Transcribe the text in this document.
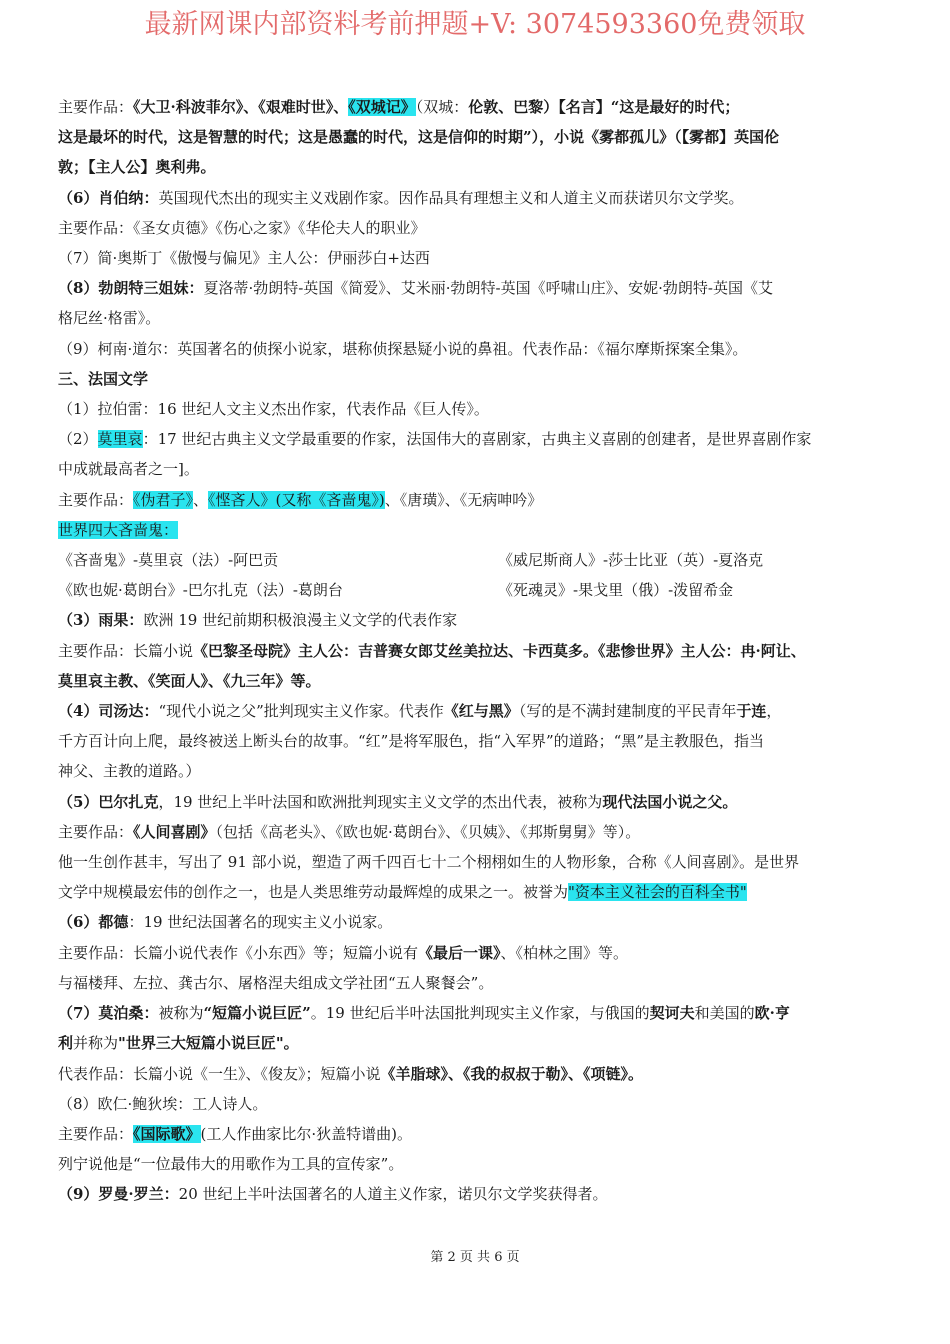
最新网课内部资料考前押题+V: 3074593360免费领取
主要作品：《大卫·科波菲尔》、《艰难时世》、《双城记》（双城：伦敦、巴黎）【名言】“这是最好的时代；
这是最坏的时代，这是智慧的时代；这是愚蠢的时代，这是信仰的时期”），小说《雾都孤儿》（【雾都】英国伦
敦；【主人公】奥利弗。
（6）肖伯纳：英国现代杰出的现实主义戏剧作家。因作品具有理想主义和人道主义而获诺贝尔文学奖。
主要作品：《圣女贞德》《伤心之家》《华伦夫人的职业》
（7）简·奥斯丁《傲慢与偏见》主人公：伊丽莎白+达西
（8）勃朗特三姐妹：夏洛蒂·勃朗特-英国《简爱》、艾米丽·勃朗特-英国《呼啸山庄》、安妮·勃朗特-英国《艾
格尼丝·格雷》。
（9）柯南·道尔：英国著名的侦探小说家，堪称侦探悬疑小说的鼻祖。代表作品：《福尔摩斯探案全集》。
三、法国文学
（1）拉伯雷：16 世纪人文主义杰出作家，代表作品《巨人传》。
（2）莫里哀：17 世纪古典主义文学最重要的作家，法国伟大的喜剧家，古典主义喜剧的创建者，是世界喜剧作家
中成就最高者之一]。
主要作品：《伪君子》、《悭吝人》(又称《吝啬鬼》)、《唐璜》、《无病呻吟》
世界四大吝啬鬼：
《吝啬鬼》-莫里哀（法）-阿巴贡	《威尼斯商人》-莎士比亚（英）-夏洛克
《欧也妮·葛朗台》-巴尔扎克（法）-葛朗台	《死魂灵》-果戈里（俄）-泼留希金
（3）雨果：欧洲 19 世纪前期积极浪漫主义文学的代表作家
主要作品：长篇小说《巴黎圣母院》主人公：吉普赛女郎艾丝美拉达、卡西莫多。《悲惨世界》主人公：冉·阿让、
莫里哀主教、《笑面人》、《九三年》等。
（4）司汤达：“现代小说之父”批判现实主义作家。代表作《红与黑》（写的是不满封建制度的平民青年于连，
千方百计向上爬，最终被送上断头台的故事。“红”是将军服色，指“入军界”的道路；“黑”是主教服色，指当
神父、主教的道路。）
（5）巴尔扎克，19 世纪上半叶法国和欧洲批判现实主义文学的杰出代表，被称为现代法国小说之父。
主要作品：《人间喜剧》（包括《高老头》、《欧也妮·葛朗台》、《贝姨》、《邦斯舅舅》等）。
他一生创作甚丰，写出了 91 部小说，塑造了两千四百七十二个栩栩如生的人物形象，合称《人间喜剧》。是世界
文学中规模最宏伟的创作之一，也是人类思维劳动最辉煌的成果之一。被誉为"资本主义社会的百科全书"
（6）都德：19 世纪法国著名的现实主义小说家。
主要作品：长篇小说代表作《小东西》等；短篇小说有《最后一课》、《柏林之围》等。
与福楼拜、左拉、龚古尔、屠格涅夫组成文学社团“五人聚餐会”。
（7）莫泊桑：被称为“短篇小说巨匠”。19 世纪后半叶法国批判现实主义作家，与俄国的契诃夫和美国的欧·亨
利并称为"世界三大短篇小说巨匠"。
代表作品：长篇小说《一生》、《俊友》；短篇小说《羊脂球》、《我的叔叔于勒》、《项链》。
（8）欧仁·鲍狄埃：工人诗人。
主要作品：《国际歌》(工人作曲家比尔·狄盖特谱曲)。
列宁说他是“一位最伟大的用歌作为工具的宣传家”。
（9）罗曼·罗兰：20 世纪上半叶法国著名的人道主义作家，诺贝尔文学奖获得者。
第 2 页 共 6 页
